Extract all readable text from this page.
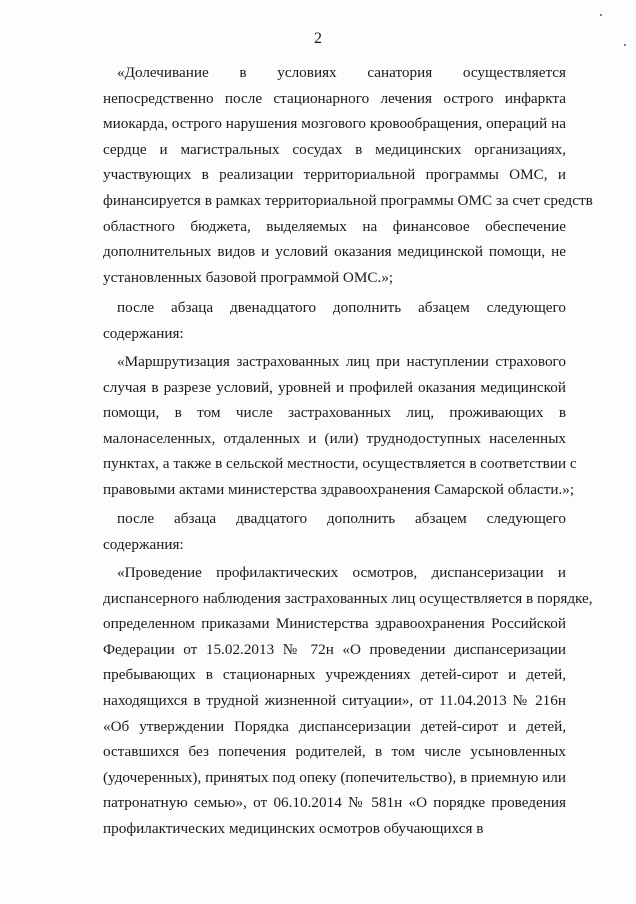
2
«Долечивание в условиях санатория осуществляется
непосредственно после стационарного лечения острого инфаркта
миокарда, острого нарушения мозгового кровообращения, операций на
сердце и магистральных сосудах в медицинских организациях,
участвующих в реализации территориальной программы ОМС, и
финансируется в рамках территориальной программы ОМС за счет средств
областного бюджета, выделяемых на финансовое обеспечение
дополнительных видов и условий оказания медицинской помощи, не
установленных базовой программой ОМС.»;
после абзаца двенадцатого дополнить абзацем следующего
содержания:
«Маршрутизация застрахованных лиц при наступлении страхового
случая в разрезе условий, уровней и профилей оказания медицинской
помощи, в том числе застрахованных лиц, проживающих в
малонаселенных, отдаленных и (или) труднодоступных населенных
пунктах, а также в сельской местности, осуществляется в соответствии с
правовыми актами министерства здравоохранения Самарской области.»;
после абзаца двадцатого дополнить абзацем следующего
содержания:
«Проведение профилактических осмотров, диспансеризации и
диспансерного наблюдения застрахованных лиц осуществляется в порядке,
определенном приказами Министерства здравоохранения Российской
Федерации от 15.02.2013 № 72н «О проведении диспансеризации
пребывающих в стационарных учреждениях детей-сирот и детей,
находящихся в трудной жизненной ситуации», от 11.04.2013 № 216н
«Об утверждении Порядка диспансеризации детей-сирот и детей,
оставшихся без попечения родителей, в том числе усыновленных
(удочеренных), принятых под опеку (попечительство), в приемную или
патронатную семью», от 06.10.2014 № 581н «О порядке проведения
профилактических медицинских осмотров обучающихся в
